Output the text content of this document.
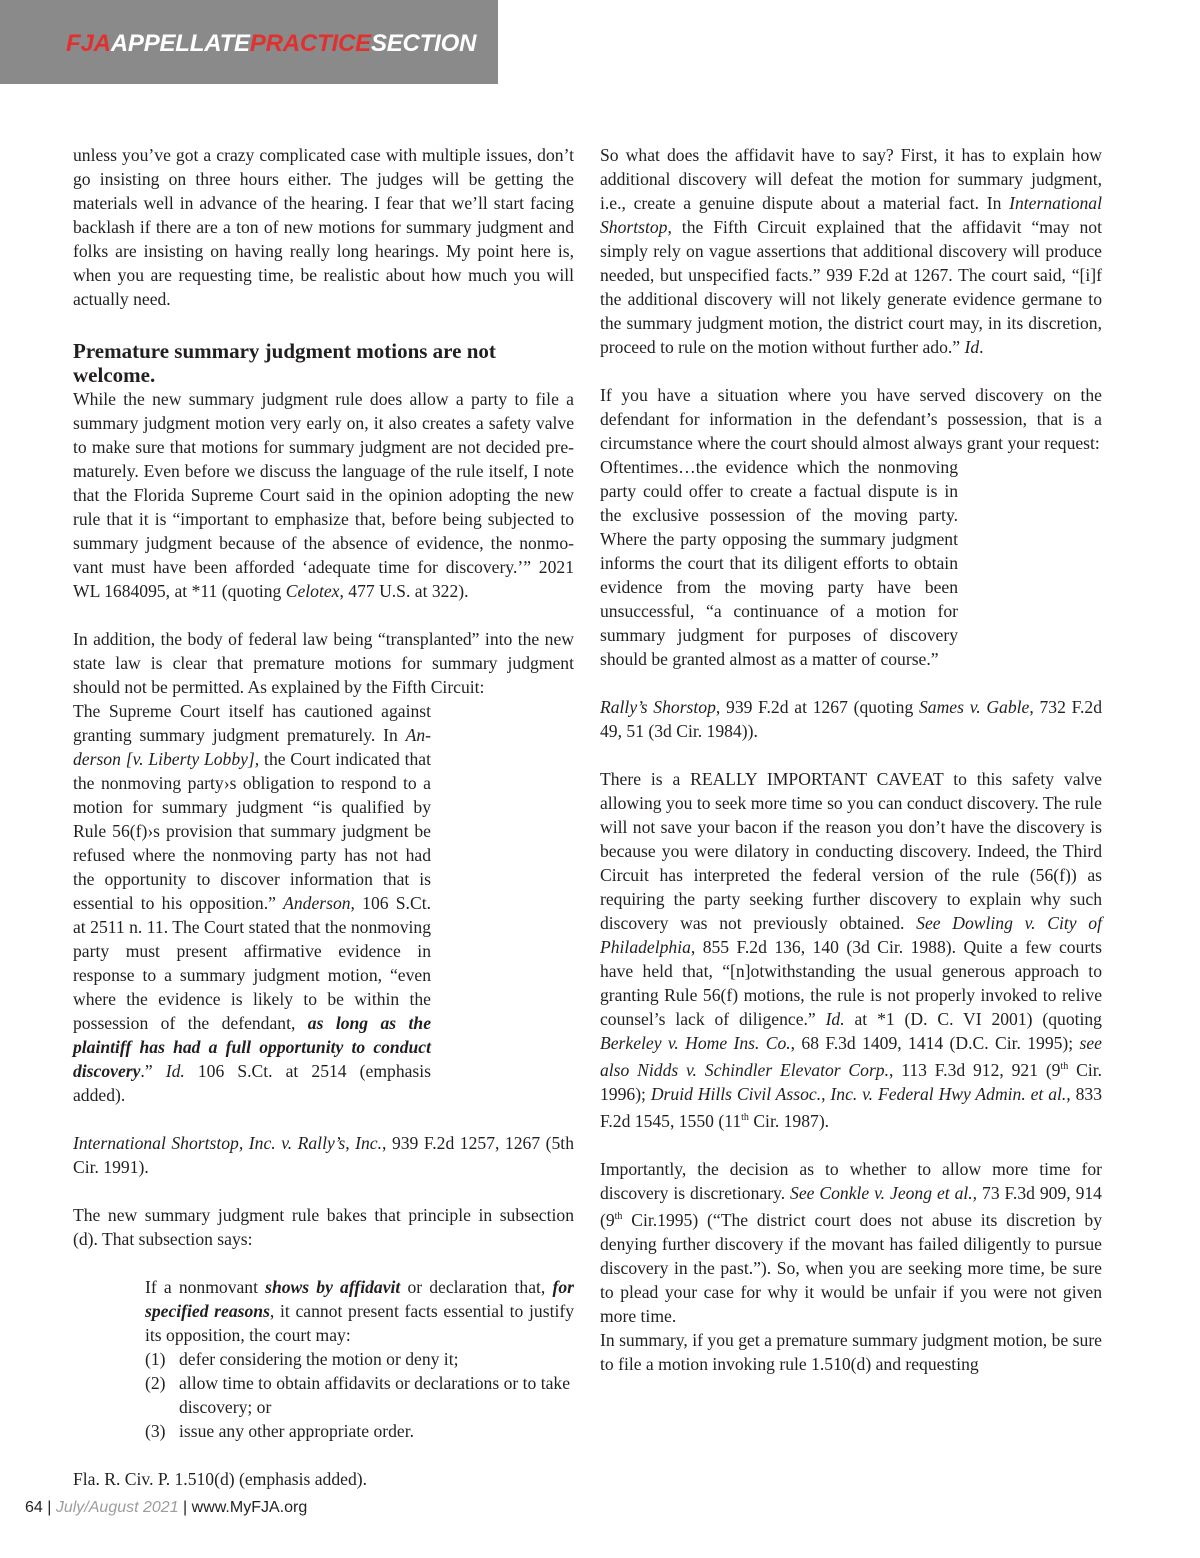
FJAAPPELLATEPRACTICESECTION

unless you’ve got a crazy complicated case with multiple issues, don’t go insisting on three hours either. The judges will be getting the materials well in advance of the hearing. I fear that we’ll start facing backlash if there are a ton of new motions for summary judgment and folks are insisting on having really long hearings. My point here is, when you are requesting time, be realistic about how much you will actually need.

Premature summary judgment motions are not welcome.

While the new summary judgment rule does allow a party to file a summary judgment motion very early on, it also creates a safety valve to make sure that motions for summary judgment are not decided prematurely. Even before we discuss the language of the rule itself, I note that the Florida Supreme Court said in the opinion adopting the new rule that it is “important to emphasize that, before being subjected to summary judgment because of the absence of evidence, the nonmovant must have been afforded ‘adequate time for discovery.’” 2021 WL 1684095, at *11 (quoting Celotex, 477 U.S. at 322).

In addition, the body of federal law being “transplanted” into the new state law is clear that premature motions for summary judgment should not be permitted. As explained by the Fifth Circuit:

The Supreme Court itself has cautioned against granting summary judgment prematurely. In Anderson [v. Liberty Lobby], the Court indicated that the nonmoving party›s obligation to respond to a motion for summary judgment “is qualified by Rule 56(f)›s provision that summary judgment be refused where the nonmoving party has not had the opportunity to discover information that is essential to his opposition.” Anderson, 106 S.Ct. at 2511 n. 11. The Court stated that the nonmoving party must present affirmative evidence in response to a summary judgment motion, “even where the evidence is likely to be within the possession of the defendant, as long as the plaintiff has had a full opportunity to conduct discovery.” Id. 106 S.Ct. at 2514 (emphasis added).

International Shortstop, Inc. v. Rally’s, Inc., 939 F.2d 1257, 1267 (5th Cir. 1991).

The new summary judgment rule bakes that principle in subsection (d). That subsection says:

If a nonmovant shows by affidavit or declaration that, for specified reasons, it cannot present facts essential to justify its opposition, the court may:

(1) defer considering the motion or deny it;
(2) allow time to obtain affidavits or declarations or to take discovery; or
(3) issue any other appropriate order.

Fla. R. Civ. P. 1.510(d) (emphasis added).

So what does the affidavit have to say? First, it has to explain how additional discovery will defeat the motion for summary judgment, i.e., create a genuine dispute about a material fact. In International Shortstop, the Fifth Circuit explained that the affidavit “may not simply rely on vague assertions that additional discovery will produce needed, but unspecified facts.” 939 F.2d at 1267. The court said, “[i]f the additional discovery will not likely generate evidence germane to the summary judgment motion, the district court may, in its discretion, proceed to rule on the motion without further ado.” Id.

If you have a situation where you have served discovery on the defendant for information in the defendant’s possession, that is a circumstance where the court should almost always grant your request:

Oftentimes…the evidence which the nonmoving party could offer to create a factual dispute is in the exclusive possession of the moving party. Where the party opposing the summary judgment informs the court that its diligent efforts to obtain evidence from the moving party have been unsuccessful, “a continuance of a motion for summary judgment for purposes of discovery should be granted almost as a matter of course.”

Rally’s Shorstop, 939 F.2d at 1267 (quoting Sames v. Gable, 732 F.2d 49, 51 (3d Cir. 1984)).

There is a REALLY IMPORTANT CAVEAT to this safety valve allowing you to seek more time so you can conduct discovery. The rule will not save your bacon if the reason you don’t have the discovery is because you were dilatory in conducting discovery. Indeed, the Third Circuit has interpreted the federal version of the rule (56(f)) as requiring the party seeking further discovery to explain why such discovery was not previously obtained. See Dowling v. City of Philadelphia, 855 F.2d 136, 140 (3d Cir. 1988). Quite a few courts have held that, “[n]otwithstanding the usual generous approach to granting Rule 56(f) motions, the rule is not properly invoked to relive counsel’s lack of diligence.” Id. at *1 (D. C. VI 2001) (quoting Berkeley v. Home Ins. Co., 68 F.3d 1409, 1414 (D.C. Cir. 1995); see also Nidds v. Schindler Elevator Corp., 113 F.3d 912, 921 (9th Cir. 1996); Druid Hills Civil Assoc., Inc. v. Federal Hwy Admin. et al., 833 F.2d 1545, 1550 (11th Cir. 1987).

Importantly, the decision as to whether to allow more time for discovery is discretionary. See Conkle v. Jeong et al., 73 F.3d 909, 914 (9th Cir.1995) (“The district court does not abuse its discretion by denying further discovery if the movant has failed diligently to pursue discovery in the past.”). So, when you are seeking more time, be sure to plead your case for why it would be unfair if you were not given more time.

In summary, if you get a premature summary judgment motion, be sure to file a motion invoking rule 1.510(d) and requesting

64 | July/August 2021 | www.MyFJA.org
